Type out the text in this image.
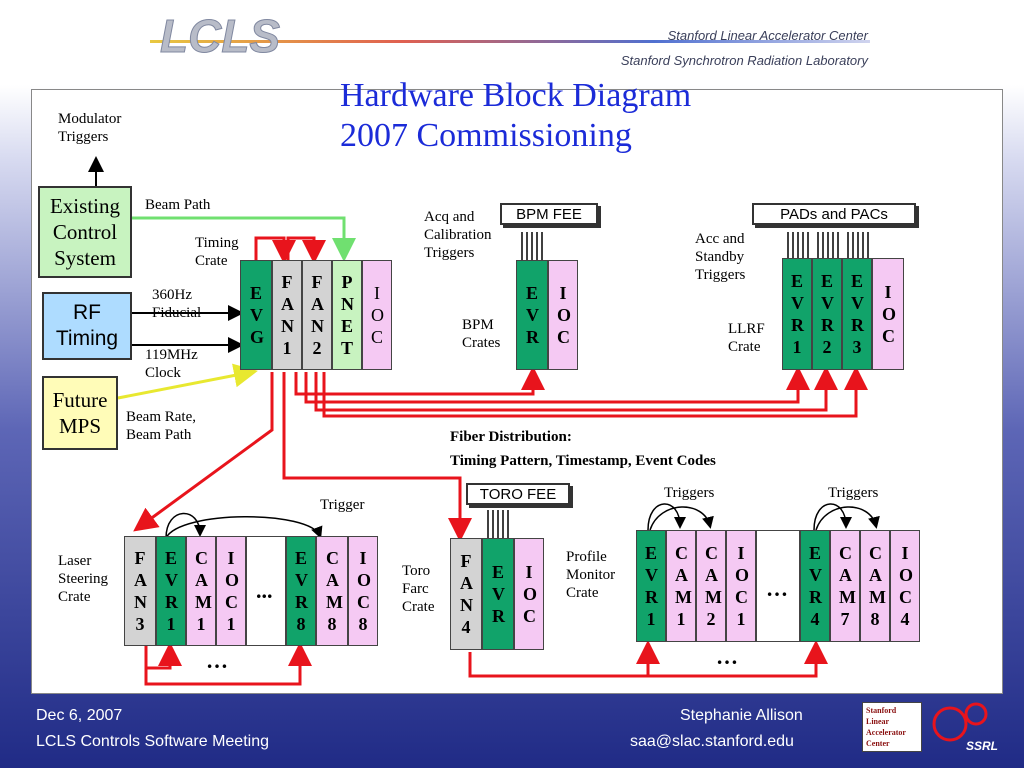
LCLS	Stanford Linear Accelerator Center
Stanford Synchrotron Radiation Laboratory
Hardware Block Diagram
2007 Commissioning
Modulator
Triggers
Existing
Control
System
RF
Timing
Future
MPS
Beam Path
360Hz
Fiducial
119MHz
Clock
Beam Rate,
Beam Path
Timing
Crate
EVG
FAN1
FAN2
PNET
IOC
BPM FEE
Acq and
Calibration
Triggers
BPM
Crates
EVR
IOC
PADs and PACs
Acc and
Standby
Triggers
LLRF
Crate
EVR1
EVR2
EVR3
IOC
Fiber Distribution:
Timing Pattern, Timestamp, Event Codes
Laser
Steering
Crate
Trigger
FAN3
EVR1
CAM1
IOC1
...
EVR8
CAM8
IOC8
…
TORO FEE
Toro
Farc
Crate
FAN4
EVR
IOC
Profile
Monitor
Crate
Triggers	Triggers
EVR1
CAM1
CAM2
IOC1
…
EVR4
CAM7
CAM8
IOC4
…
Dec 6, 2007
LCLS Controls Software Meeting
Stephanie Allison
saa@slac.stanford.edu
Stanford
Linear
Accelerator
Center	SSRL
